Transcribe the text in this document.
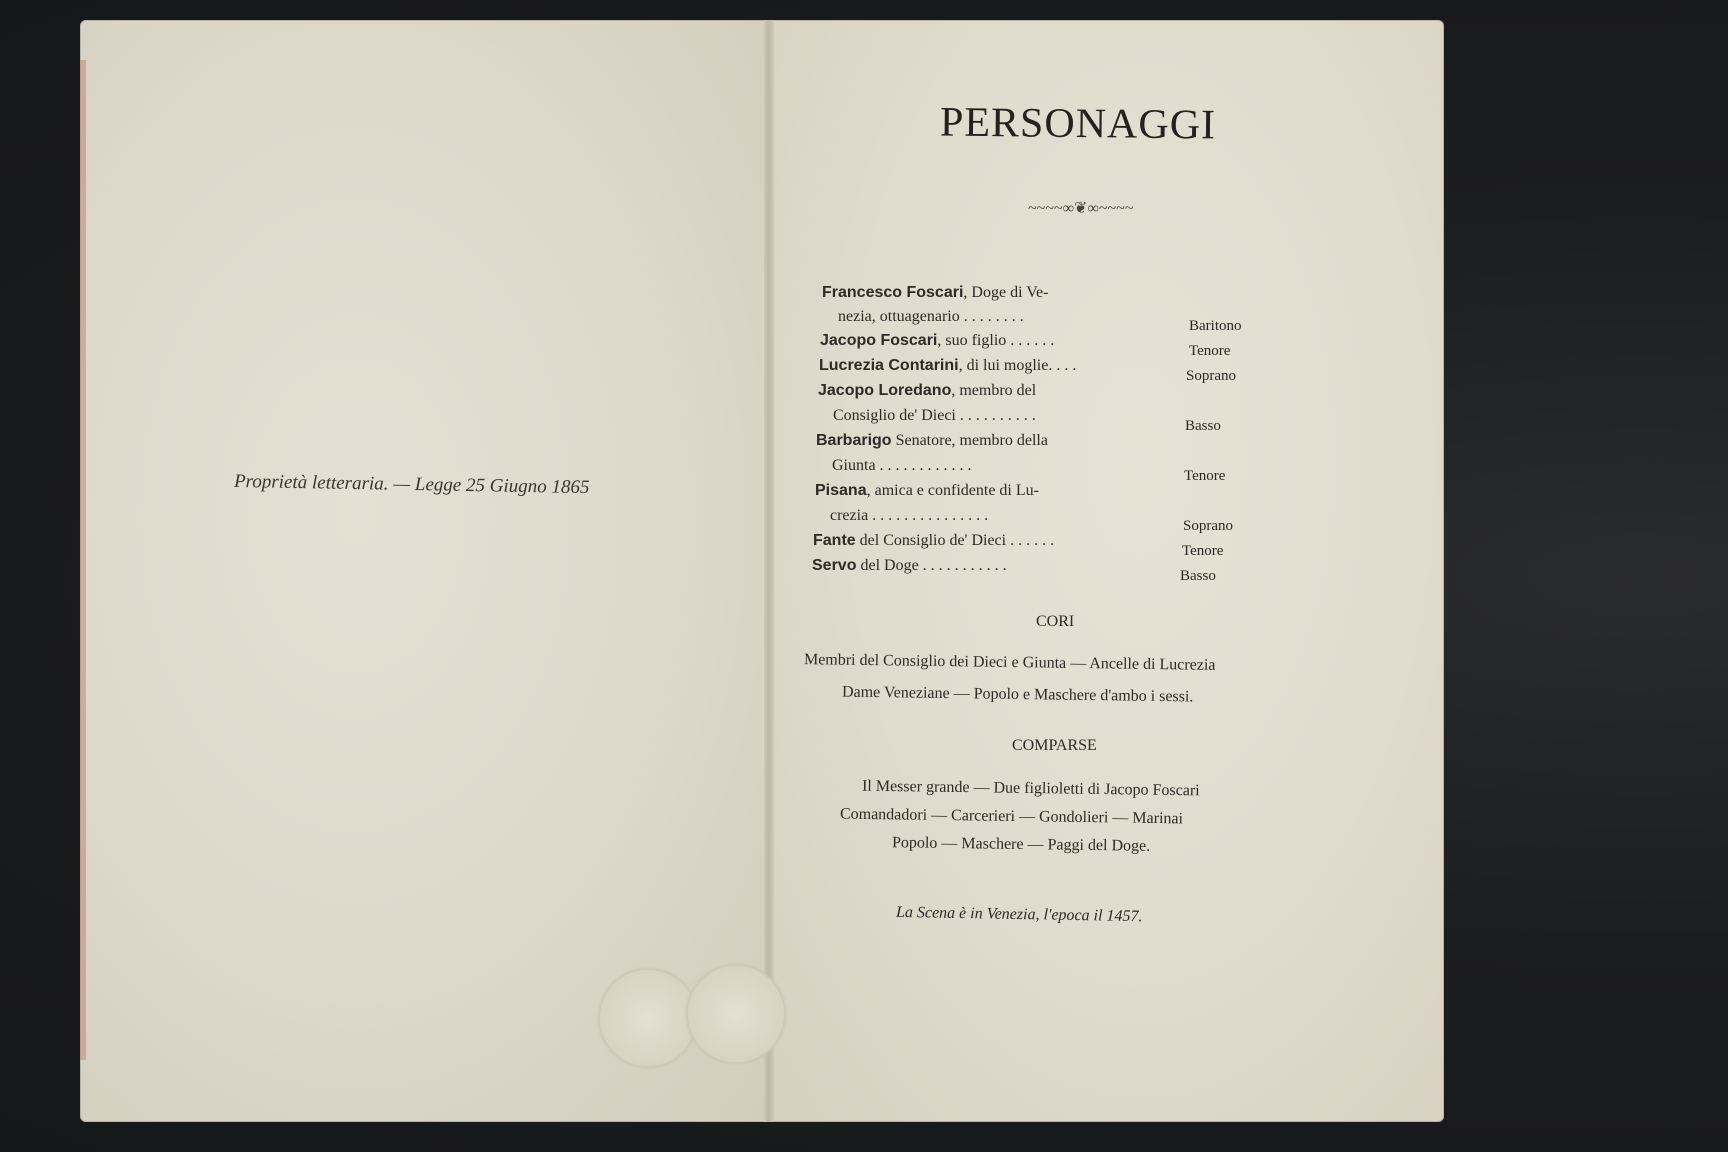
Proprietà letteraria. — Legge 25 Giugno 1865
PERSONAGGI
~~~~∞❦∞~~~~
Francesco Foscari, Doge di Ve-
nezia, ottuagenario . . . . . . . .
Baritono
Jacopo Foscari, suo figlio . . . . . .
Tenore
Lucrezia Contarini, di lui moglie. . . .
Soprano
Jacopo Loredano, membro del
Consiglio de' Dieci . . . . . . . . . .
Basso
Barbarigo Senatore, membro della
Giunta . . . . . . . . . . . .
Tenore
Pisana, amica e confidente di Lu-
crezia . . . . . . . . . . . . . . .
Soprano
Fante del Consiglio de' Dieci . . . . . .
Tenore
Servo del Doge . . . . . . . . . . .
Basso
CORI
Membri del Consiglio dei Dieci e Giunta — Ancelle di Lucrezia
Dame Veneziane — Popolo e Maschere d'ambo i sessi.
COMPARSE
Il Messer grande — Due figlioletti di Jacopo Foscari
Comandadori — Carcerieri — Gondolieri — Marinai
Popolo — Maschere — Paggi del Doge.
La Scena è in Venezia, l'epoca il 1457.
